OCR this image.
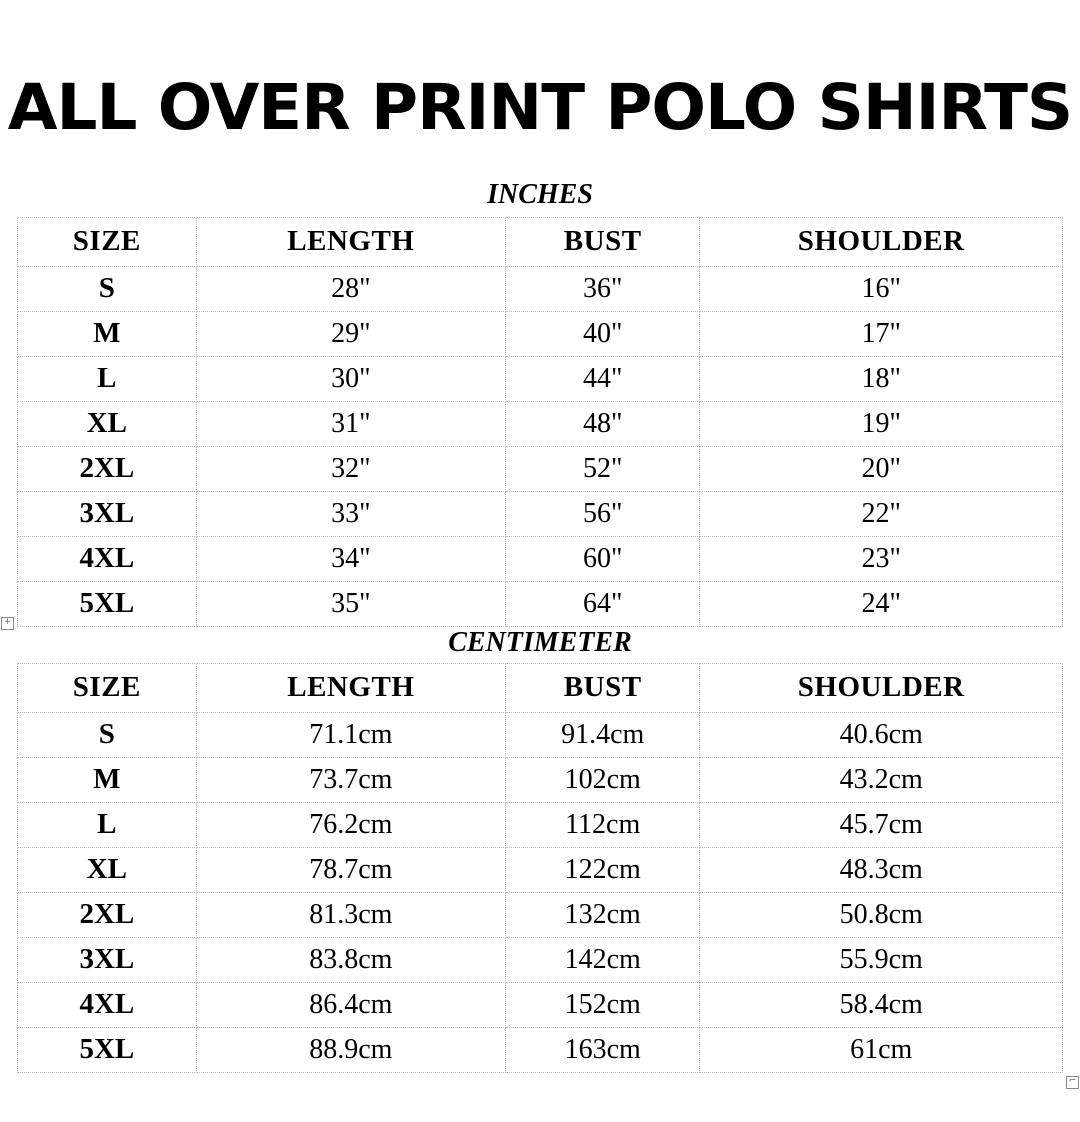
ALL OVER PRINT POLO SHIRTS
INCHES
SIZE	LENGTH	BUST	SHOULDER
S	28"	36"	16"
M	29"	40"	17"
L	30"	44"	18"
XL	31"	48"	19"
2XL	32"	52"	20"
3XL	33"	56"	22"
4XL	34"	60"	23"
5XL	35"	64"	24"
CENTIMETER
+
SIZE	LENGTH	BUST	SHOULDER
S	71.1cm	91.4cm	40.6cm
M	73.7cm	102cm	43.2cm
L	76.2cm	112cm	45.7cm
XL	78.7cm	122cm	48.3cm
2XL	81.3cm	132cm	50.8cm
3XL	83.8cm	142cm	55.9cm
4XL	86.4cm	152cm	58.4cm
5XL	88.9cm	163cm	61cm
⌐
